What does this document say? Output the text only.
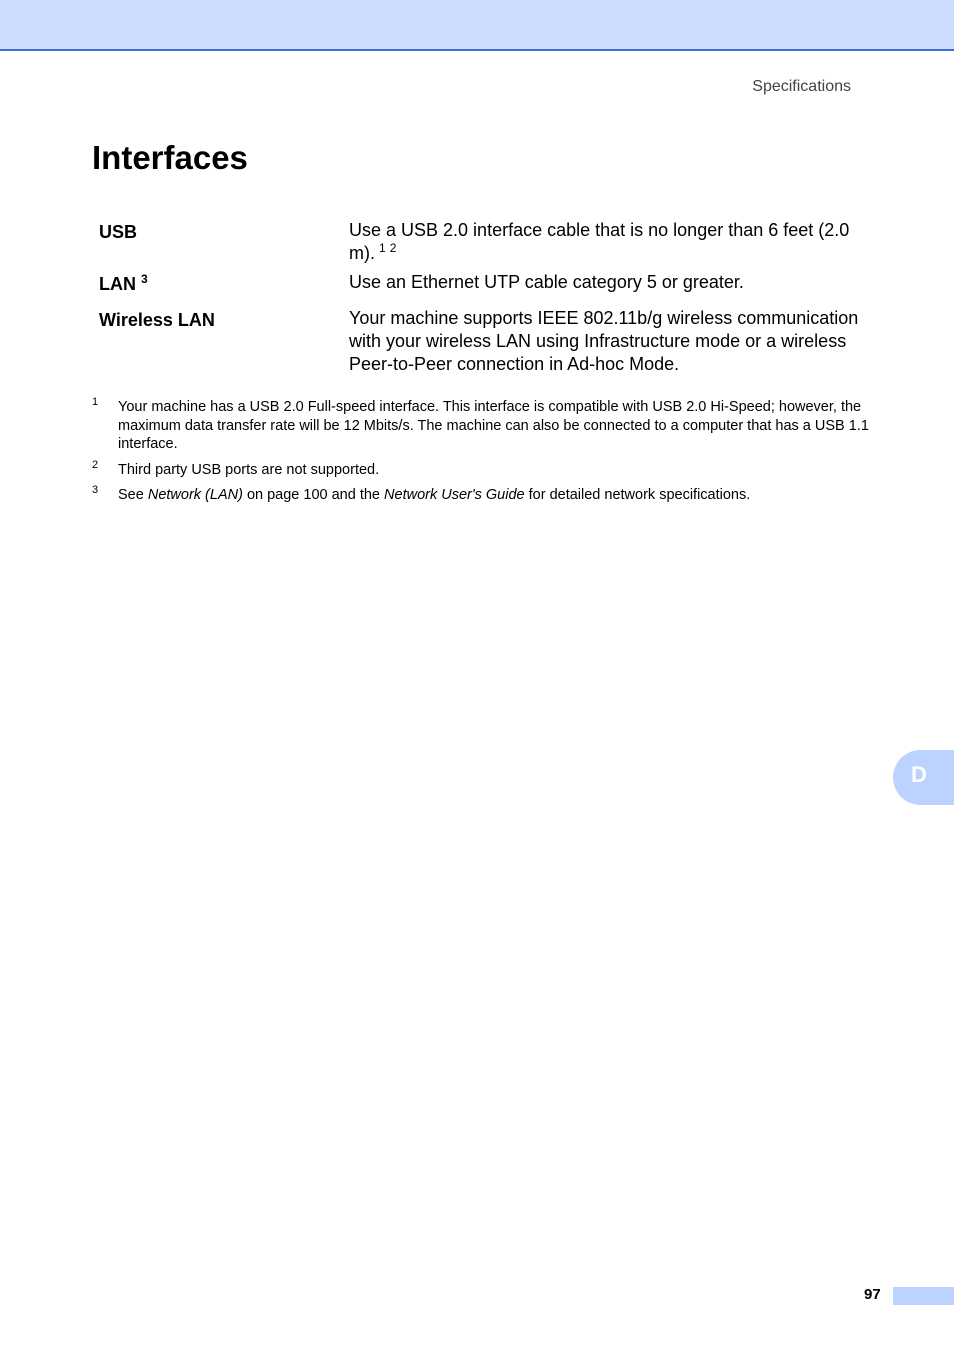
Specifications
Interfaces
USB	Use a USB 2.0 interface cable that is no longer than 6 feet (2.0 m). $^1$ $^2$
LAN $^3$	Use an Ethernet UTP cable category 5 or greater.
Wireless LAN	Your machine supports IEEE 802.11b/g wireless communication with your wireless LAN using Infrastructure mode or a wireless Peer-to-Peer connection in Ad-hoc Mode.
1 Your machine has a USB 2.0 Full-speed interface. This interface is compatible with USB 2.0 Hi-Speed; however, the maximum data transfer rate will be 12 Mbits/s. The machine can also be connected to a computer that has a USB 1.1 interface.
2 Third party USB ports are not supported.
3 See Network (LAN) on page 100 and the Network User's Guide for detailed network specifications.
D
97
